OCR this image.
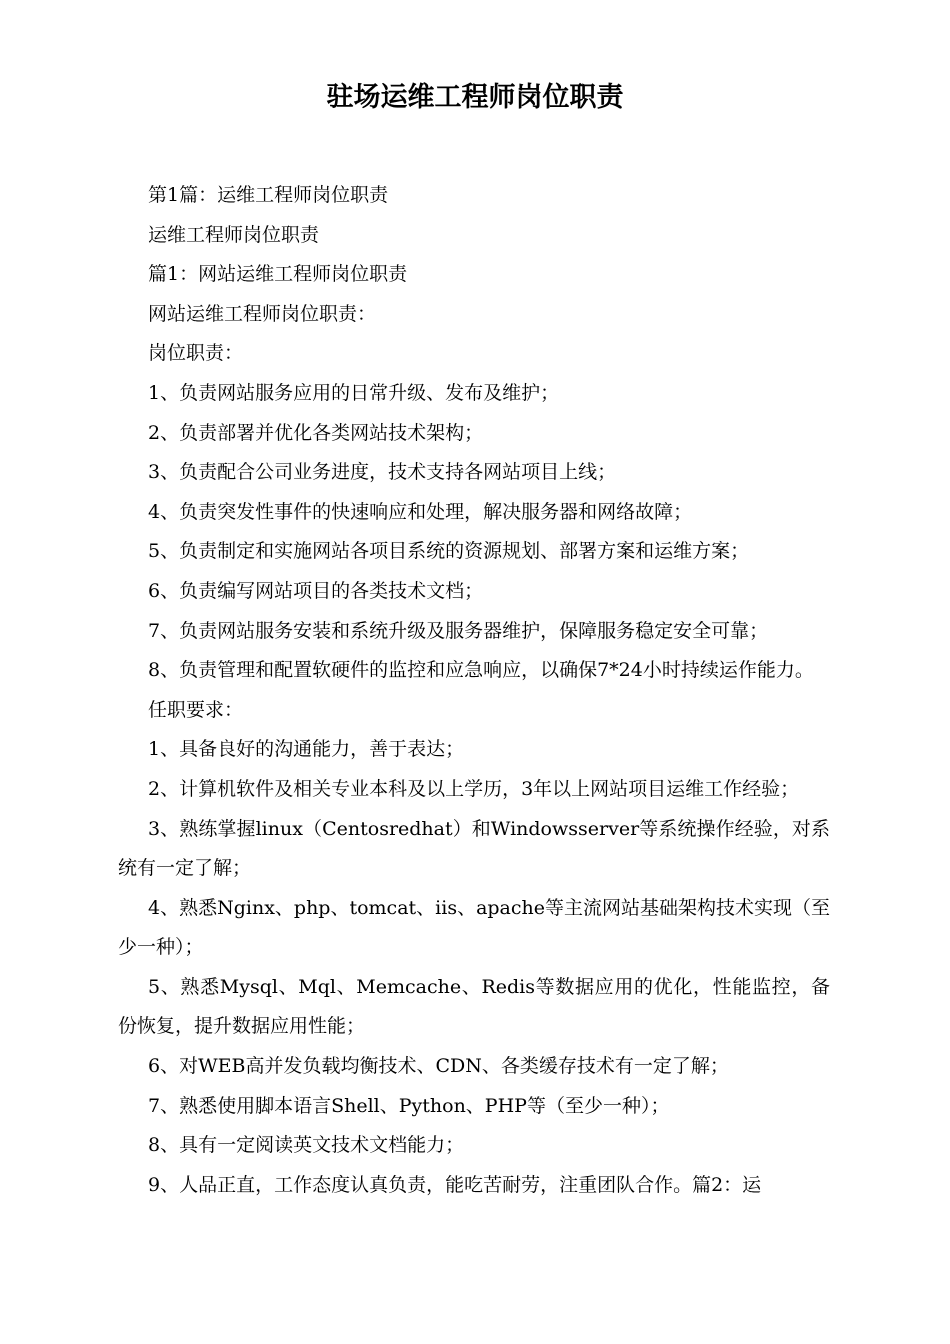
驻场运维工程师岗位职责

第1篇：运维工程师岗位职责

运维工程师岗位职责

篇1：网站运维工程师岗位职责

网站运维工程师岗位职责：

岗位职责：

1、负责网站服务应用的日常升级、发布及维护；

2、负责部署并优化各类网站技术架构；

3、负责配合公司业务进度，技术支持各网站项目上线；

4、负责突发性事件的快速响应和处理，解决服务器和网络故障；

5、负责制定和实施网站各项目系统的资源规划、部署方案和运维方案；

6、负责编写网站项目的各类技术文档；

7、负责网站服务安装和系统升级及服务器维护，保障服务稳定安全可靠；

8、负责管理和配置软硬件的监控和应急响应，以确保7*24小时持续运作能力。

任职要求：

1、具备良好的沟通能力，善于表达；

2、计算机软件及相关专业本科及以上学历，3年以上网站项目运维工作经验；

3、熟练掌握linux（Centosredhat）和Windowsserver等系统操作经验，对系统有一定了解；

4、熟悉Nginx、php、tomcat、iis、apache等主流网站基础架构技术实现（至少一种）；

5、熟悉Mysql、Mql、Memcache、Redis等数据应用的优化，性能监控，备份恢复，提升数据应用性能；

6、对WEB高并发负载均衡技术、CDN、各类缓存技术有一定了解；

7、熟悉使用脚本语言Shell、Python、PHP等（至少一种）；

8、具有一定阅读英文技术文档能力；

9、人品正直，工作态度认真负责，能吃苦耐劳，注重团队合作。篇2：运
